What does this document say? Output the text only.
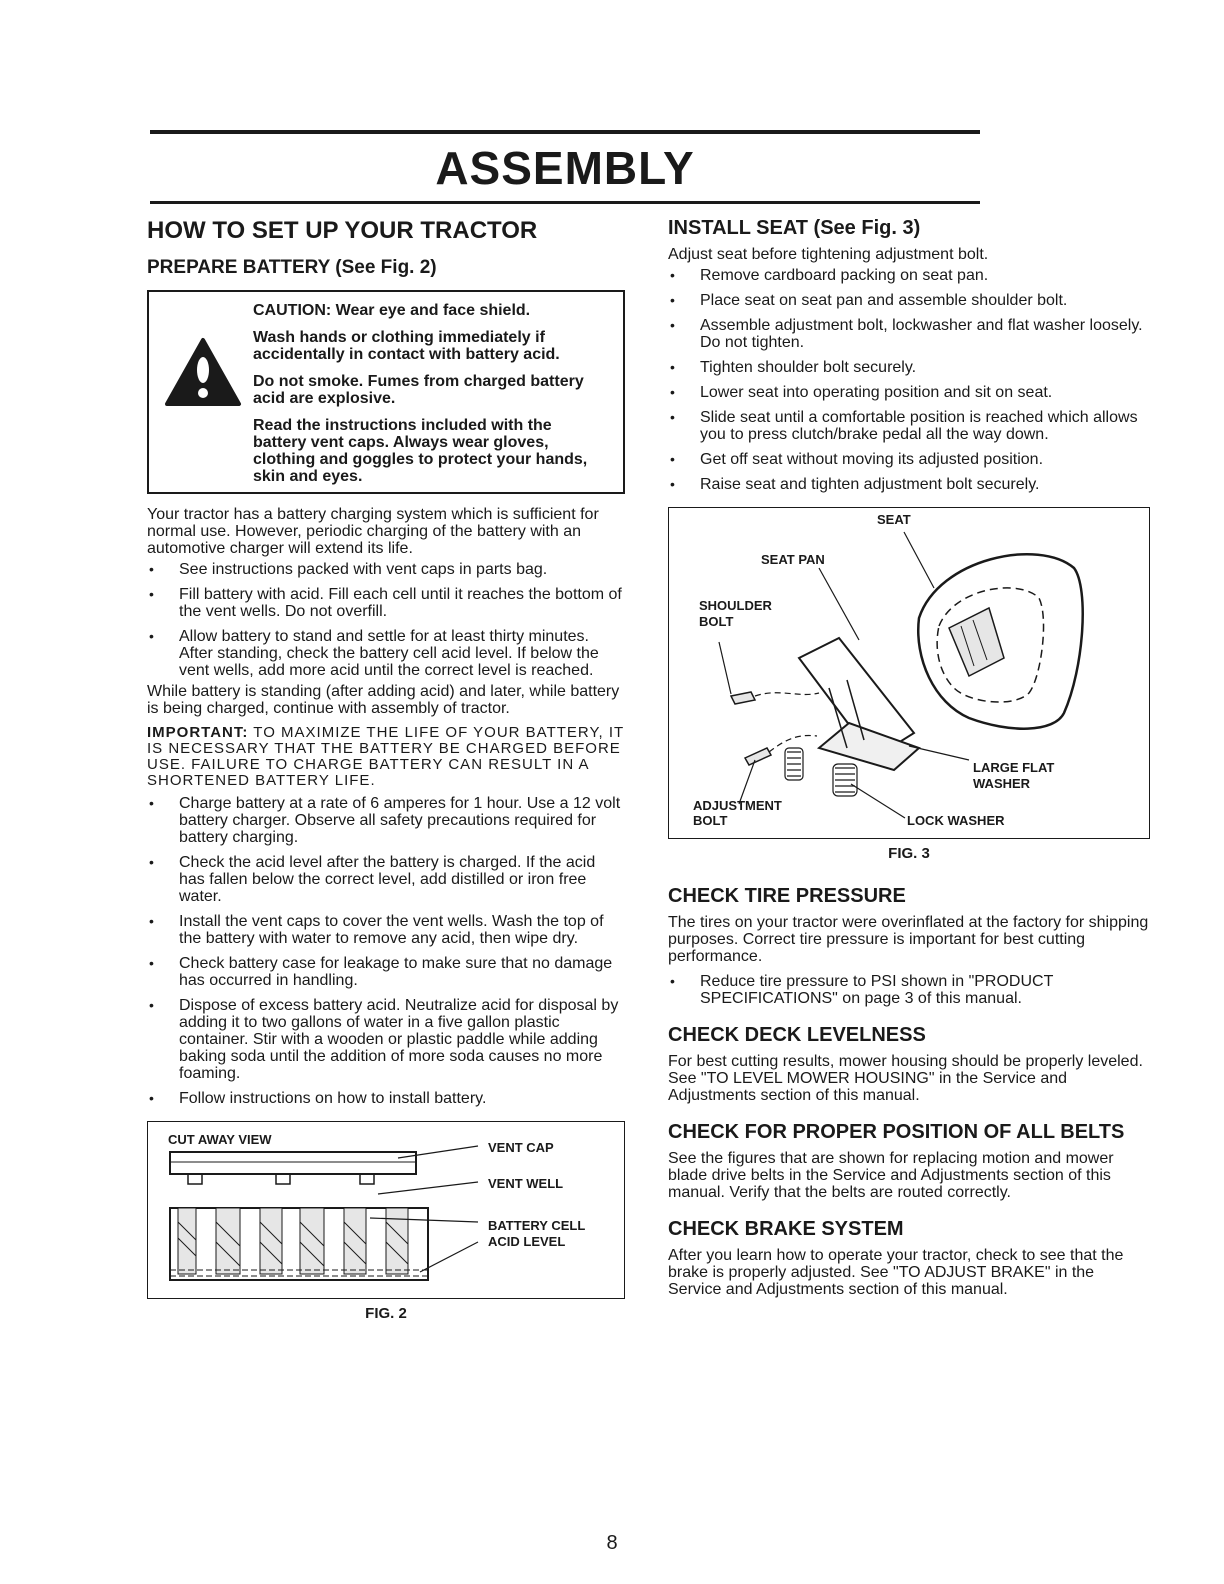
ASSEMBLY
HOW TO SET UP YOUR TRACTOR
PREPARE BATTERY (See Fig. 2)

CAUTION: Wear eye and face shield.

Wash hands or clothing immediately if accidentally in contact with battery acid.

Do not smoke. Fumes from charged battery acid are explosive.

Read the instructions included with the battery vent caps. Always wear gloves, clothing and goggles to protect your hands, skin and eyes.

Your tractor has a battery charging system which is sufficient for normal use. However, periodic charging of the battery with an automotive charger will extend its life.

• See instructions packed with vent caps in parts bag.
• Fill battery with acid. Fill each cell until it reaches the bottom of the vent wells. Do not overfill.
• Allow battery to stand and settle for at least thirty minutes. After standing, check the battery cell acid level. If below the vent wells, add more acid until the correct level is reached.

While battery is standing (after adding acid) and later, while battery is being charged, continue with assembly of tractor.

IMPORTANT: TO MAXIMIZE THE LIFE OF YOUR BATTERY, IT IS NECESSARY THAT THE BATTERY BE CHARGED BEFORE USE. FAILURE TO CHARGE BATTERY CAN RESULT IN A SHORTENED BATTERY LIFE.

• Charge battery at a rate of 6 amperes for 1 hour. Use a 12 volt battery charger. Observe all safety precautions required for battery charging.
• Check the acid level after the battery is charged. If the acid has fallen below the correct level, add distilled or iron free water.
• Install the vent caps to cover the vent wells. Wash the top of the battery with water to remove any acid, then wipe dry.
• Check battery case for leakage to make sure that no damage has occurred in handling.
• Dispose of excess battery acid. Neutralize acid for disposal by adding it to two gallons of water in a five gallon plastic container. Stir with a wooden or plastic paddle while adding baking soda until the addition of more soda causes no more foaming.
• Follow instructions on how to install battery.
CUT AWAY VIEW
VENT CAP
VENT WELL
BATTERY CELL
ACID LEVEL
FIG. 2
INSTALL SEAT (See Fig. 3)

Adjust seat before tightening adjustment bolt.

• Remove cardboard packing on seat pan.
• Place seat on seat pan and assemble shoulder bolt.
• Assemble adjustment bolt, lockwasher and flat washer loosely. Do not tighten.
• Tighten shoulder bolt securely.
• Lower seat into operating position and sit on seat.
• Slide seat until a comfortable position is reached which allows you to press clutch/brake pedal all the way down.
• Get off seat without moving its adjusted position.
• Raise seat and tighten adjustment bolt securely.
SEAT
SEAT PAN
SHOULDER
BOLT
LARGE FLAT
WASHER
ADJUSTMENT
BOLT	LOCK WASHER
FIG. 3
CHECK TIRE PRESSURE

The tires on your tractor were overinflated at the factory for shipping purposes. Correct tire pressure is important for best cutting performance.

• Reduce tire pressure to PSI shown in "PRODUCT SPECIFICATIONS" on page 3 of this manual.
CHECK DECK LEVELNESS

For best cutting results, mower housing should be properly leveled. See "TO LEVEL MOWER HOUSING" in the Service and Adjustments section of this manual.

CHECK FOR PROPER POSITION OF ALL BELTS

See the figures that are shown for replacing motion and mower blade drive belts in the Service and Adjustments section of this manual. Verify that the belts are routed correctly.

CHECK BRAKE SYSTEM

After you learn how to operate your tractor, check to see that the brake is properly adjusted. See "TO ADJUST BRAKE" in the Service and Adjustments section of this manual.

8
